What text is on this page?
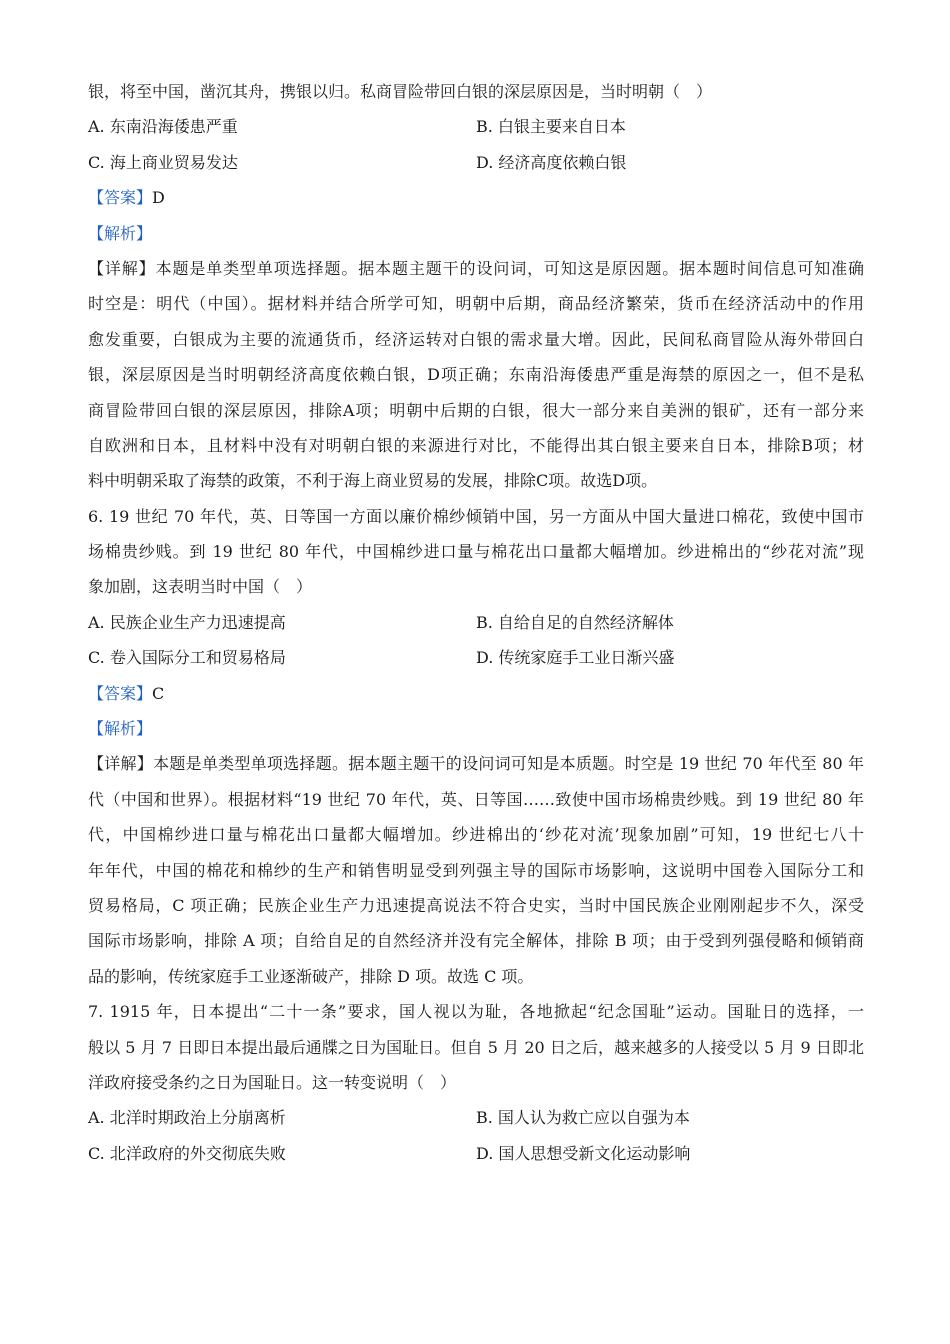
银，将至中国，凿沉其舟，携银以归。私商冒险带回白银的深层原因是，当时明朝（　）
A. 东南沿海倭患严重	B. 白银主要来自日本
C. 海上商业贸易发达	D. 经济高度依赖白银
【答案】D
【解析】
【详解】本题是单类型单项选择题。据本题主题干的设问词，可知这是原因题。据本题时间信息可知准确
时空是：明代（中国）。据材料并结合所学可知，明朝中后期，商品经济繁荣，货币在经济活动中的作用
愈发重要，白银成为主要的流通货币，经济运转对白银的需求量大增。因此，民间私商冒险从海外带回白
银，深层原因是当时明朝经济高度依赖白银，D项正确；东南沿海倭患严重是海禁的原因之一，但不是私
商冒险带回白银的深层原因，排除A项；明朝中后期的白银，很大一部分来自美洲的银矿，还有一部分来
自欧洲和日本，且材料中没有对明朝白银的来源进行对比，不能得出其白银主要来自日本，排除B项；材
料中明朝采取了海禁的政策，不利于海上商业贸易的发展，排除C项。故选D项。
6. 19 世纪 70 年代，英、日等国一方面以廉价棉纱倾销中国，另一方面从中国大量进口棉花，致使中国市
场棉贵纱贱。到 19 世纪 80 年代，中国棉纱进口量与棉花出口量都大幅增加。纱进棉出的“纱花对流”现
象加剧，这表明当时中国（　）
A. 民族企业生产力迅速提高	B. 自给自足的自然经济解体
C. 卷入国际分工和贸易格局	D. 传统家庭手工业日渐兴盛
【答案】C
【解析】
【详解】本题是单类型单项选择题。据本题主题干的设问词可知是本质题。时空是 19 世纪 70 年代至 80 年
代（中国和世界）。根据材料“19 世纪 70 年代，英、日等国……致使中国市场棉贵纱贱。到 19 世纪 80 年
代，中国棉纱进口量与棉花出口量都大幅增加。纱进棉出的‘纱花对流’现象加剧”可知，19 世纪七八十
年年代，中国的棉花和棉纱的生产和销售明显受到列强主导的国际市场影响，这说明中国卷入国际分工和
贸易格局，C 项正确；民族企业生产力迅速提高说法不符合史实，当时中国民族企业刚刚起步不久，深受
国际市场影响，排除 A 项；自给自足的自然经济并没有完全解体，排除 B 项；由于受到列强侵略和倾销商
品的影响，传统家庭手工业逐渐破产，排除 D 项。故选 C 项。
7. 1915 年，日本提出“二十一条”要求，国人视以为耻，各地掀起“纪念国耻”运动。国耻日的选择，一
般以 5 月 7 日即日本提出最后通牒之日为国耻日。但自 5 月 20 日之后，越来越多的人接受以 5 月 9 日即北
洋政府接受条约之日为国耻日。这一转变说明（　）
A. 北洋时期政治上分崩离析	B. 国人认为救亡应以自强为本
C. 北洋政府的外交彻底失败	D. 国人思想受新文化运动影响
